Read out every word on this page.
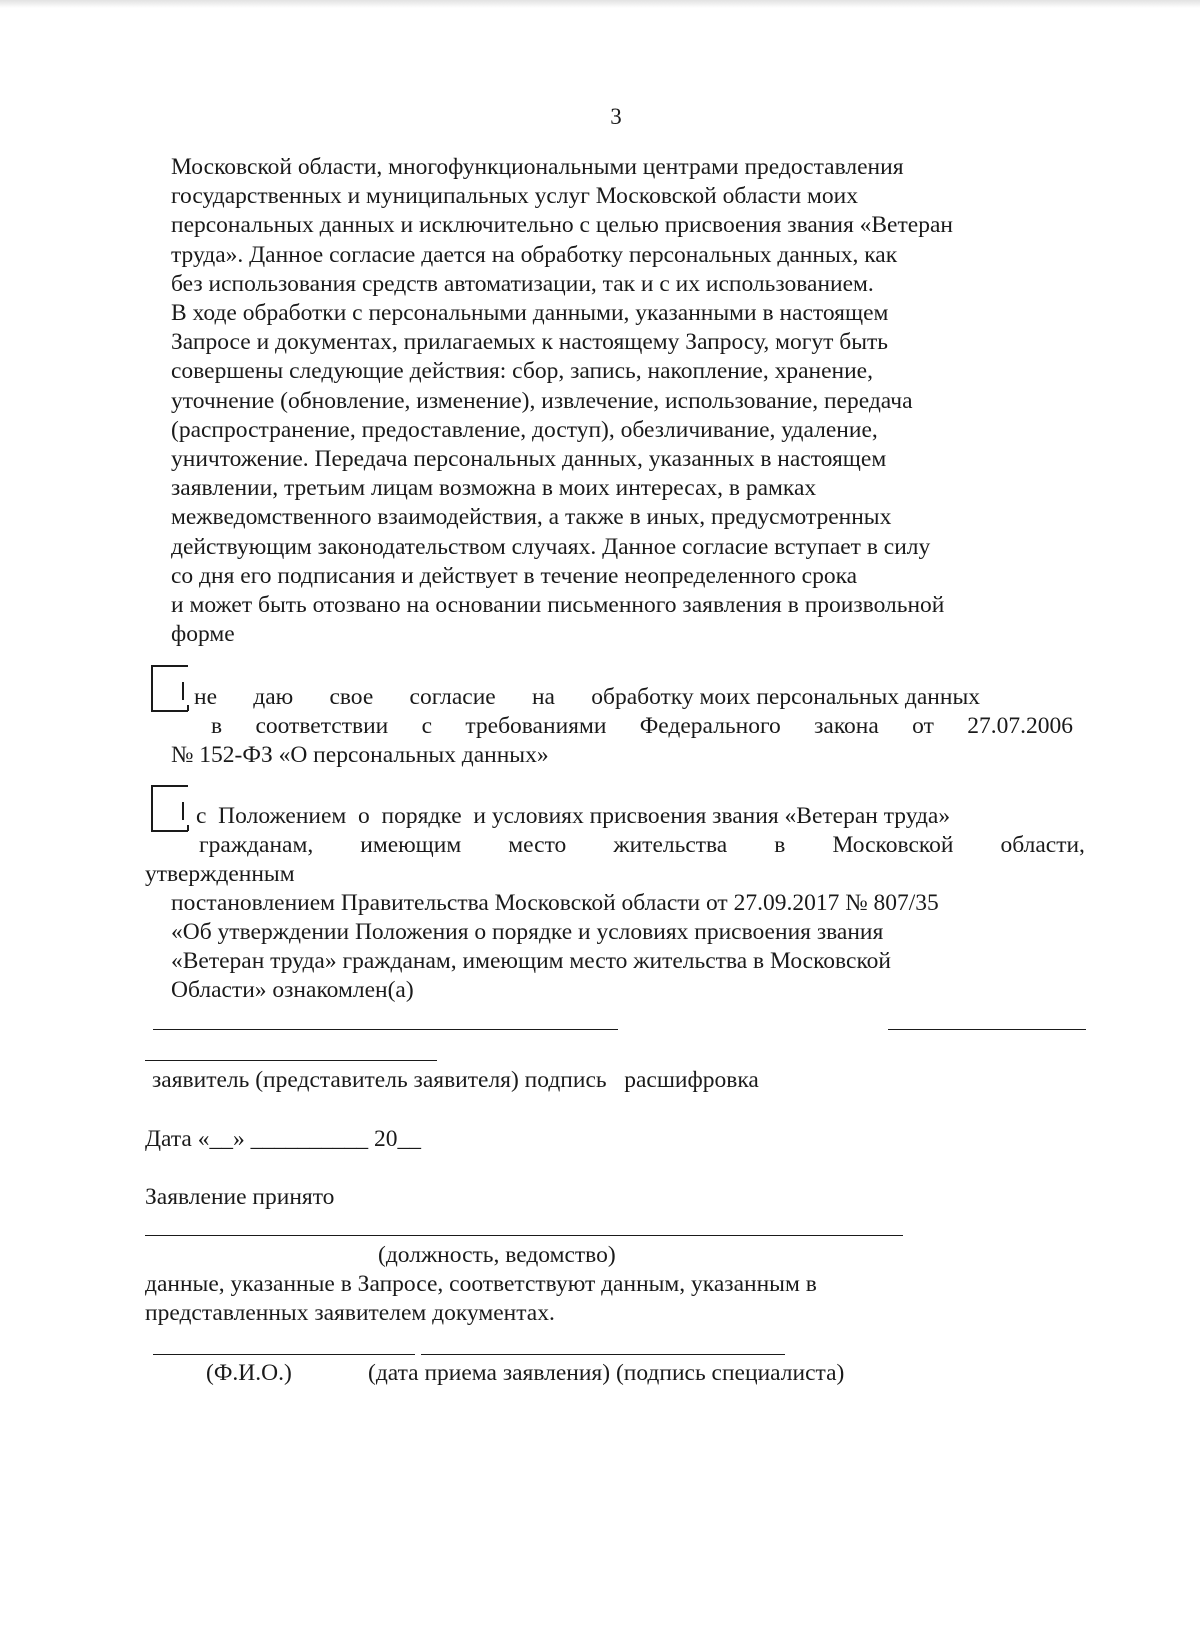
3
Московской области, многофункциональными центрами предоставления
государственных и муниципальных услуг Московской области моих
персональных данных и исключительно с целью присвоения звания «Ветеран
труда». Данное согласие дается на обработку персональных данных, как
без использования средств автоматизации, так и с их использованием.
В ходе обработки с персональными данными, указанными в настоящем
Запросе и документах, прилагаемых к настоящему Запросу, могут быть
совершены следующие действия: сбор, запись, накопление, хранение,
уточнение (обновление, изменение), извлечение, использование, передача
(распространение, предоставление, доступ), обезличивание, удаление,
уничтожение. Передача персональных данных, указанных в настоящем
заявлении, третьим лицам возможна в моих интересах, в рамках
межведомственного взаимодействия, а также в иных, предусмотренных
действующим законодательством случаях. Данное согласие вступает в силу
со дня его подписания и действует в течение неопределенного срока
и может быть отозвано на основании письменного заявления в произвольной
форме
не даю свое согласие на обработку моих персональных данных
в соответствии с требованиями Федерального закона от 27.07.2006
№ 152-ФЗ «О персональных данных»
с  Положением  о  порядке  и условиях присвоения звания «Ветеран труда»
гражданам, имеющим место жительства в Московской области,
утвержденным
постановлением Правительства Московской области от 27.09.2017 № 807/35
«Об утверждении Положения о порядке и условиях присвоения звания
«Ветеран труда» гражданам, имеющим место жительства в Московской
Области» ознакомлен(а)
заявитель (представитель заявителя) подпись   расшифровка
Дата «__» __________ 20__
Заявление принято
(должность, ведомство)
данные, указанные в Запросе, соответствуют данным, указанным в
представленных заявителем документах.
(Ф.И.О.)	(дата приема заявления) (подпись специалиста)
